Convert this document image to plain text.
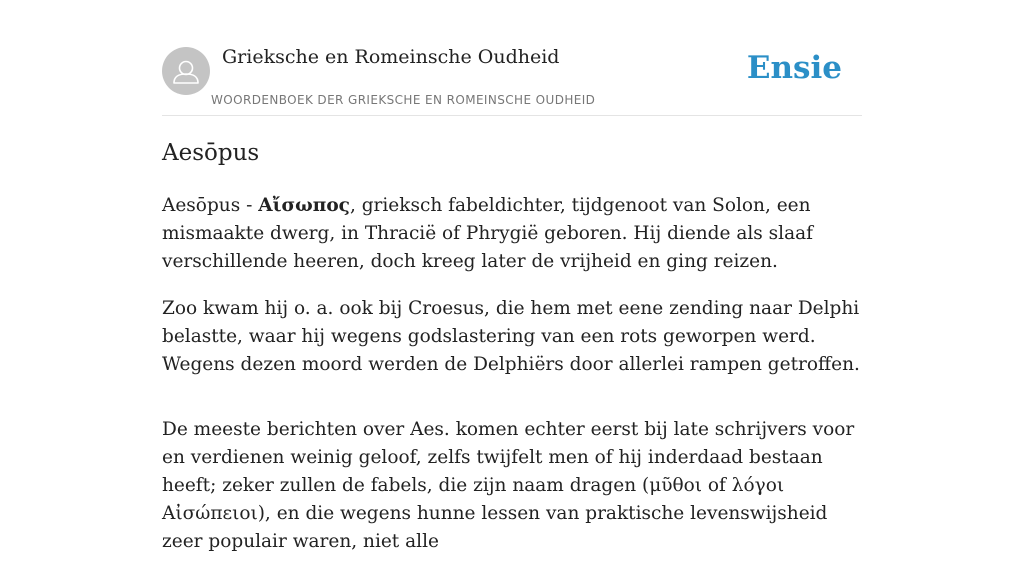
Grieksche en Romeinsche Oudheid
WOORDENBOEK DER GRIEKSCHE EN ROMEINSCHE OUDHEID
Ensie
Aesōpus

Aesōpus - Αἴσωπος, grieksch fabeldichter, tijdgenoot van Solon, een mismaakte dwerg, in Thracië of Phrygië geboren. Hij diende als slaaf verschillende heeren, doch kreeg later de vrijheid en ging reizen.

Zoo kwam hij o. a. ook bij Croesus, die hem met eene zending naar Delphi belastte, waar hij wegens godslastering van een rots geworpen werd. Wegens dezen moord werden de Delphiërs door allerlei rampen getroffen.

De meeste berichten over Aes. komen echter eerst bij late schrijvers voor en verdienen weinig geloof, zelfs twijfelt men of hij inderdaad bestaan heeft; zeker zullen de fabels, die zijn naam dragen (μῦθοι of λόγοι Αἰσώπειοι), en die wegens hunne lessen van praktische levenswijsheid zeer populair waren, niet alle
